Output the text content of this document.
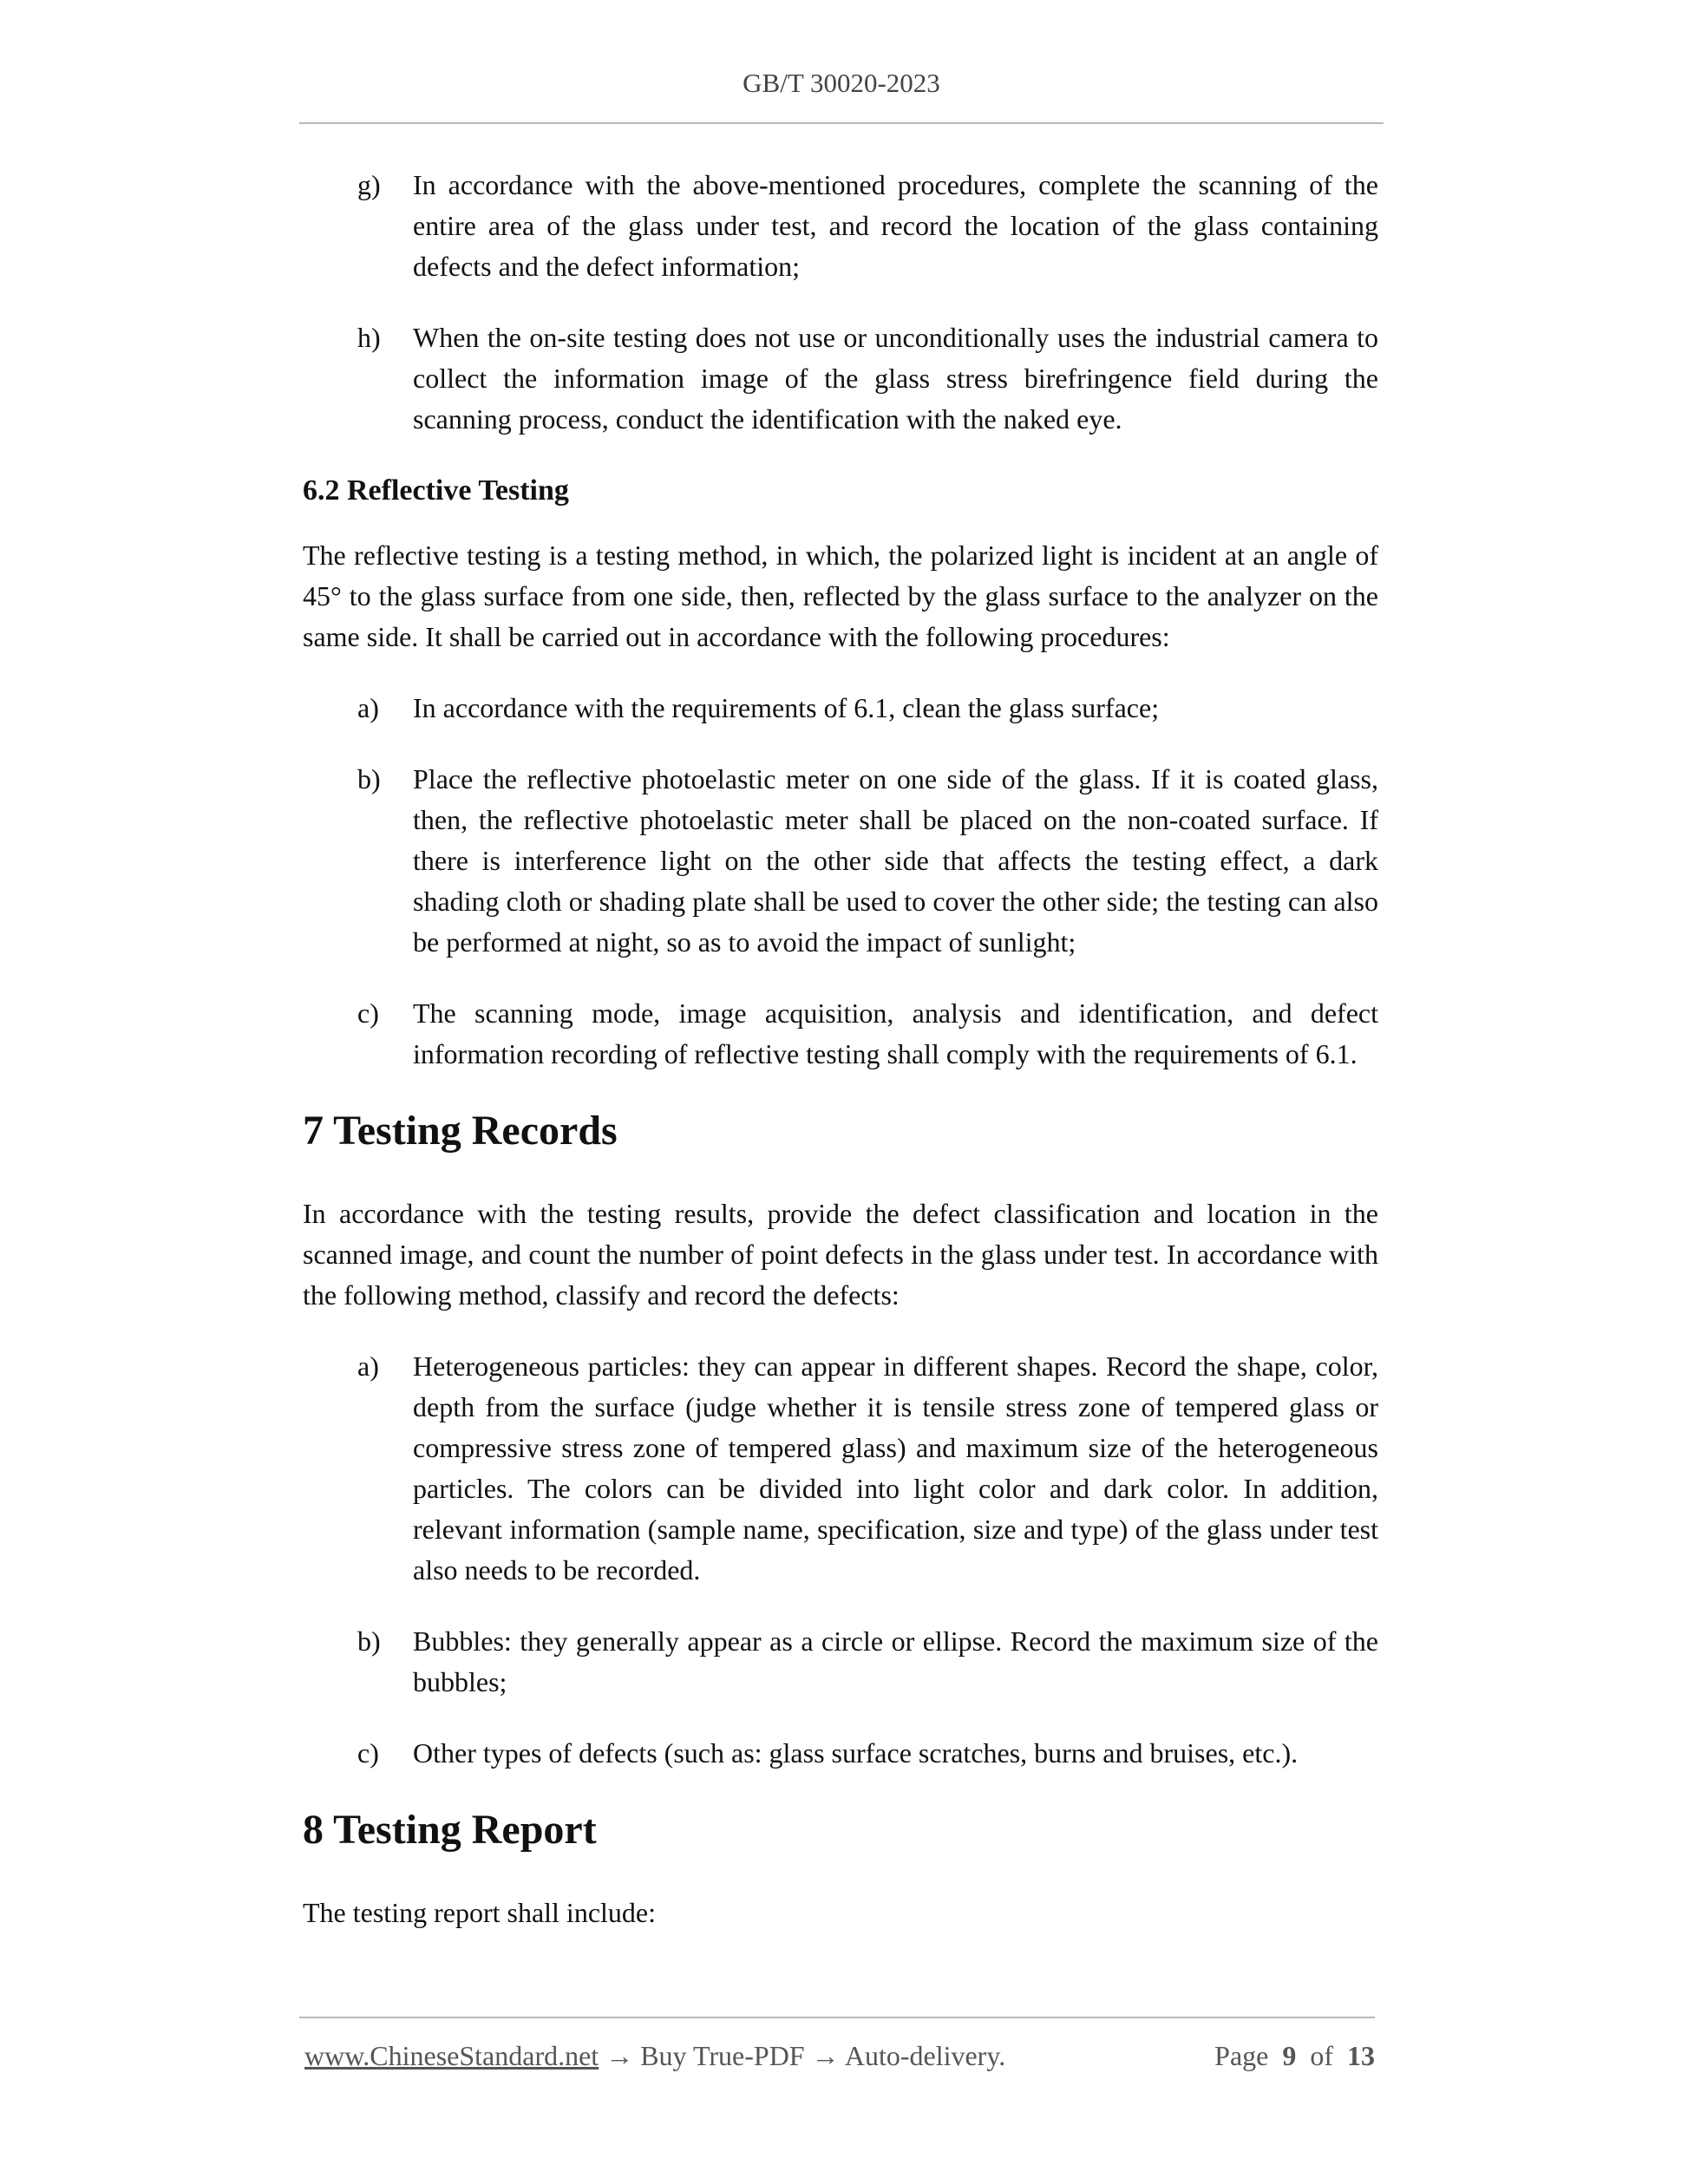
GB/T 30020-2023
g)	In accordance with the above-mentioned procedures, complete the scanning of the entire area of the glass under test, and record the location of the glass containing defects and the defect information;
h)	When the on-site testing does not use or unconditionally uses the industrial camera to collect the information image of the glass stress birefringence field during the scanning process, conduct the identification with the naked eye.
6.2 Reflective Testing
The reflective testing is a testing method, in which, the polarized light is incident at an angle of 45° to the glass surface from one side, then, reflected by the glass surface to the analyzer on the same side. It shall be carried out in accordance with the following procedures:
a)	In accordance with the requirements of 6.1, clean the glass surface;
b)	Place the reflective photoelastic meter on one side of the glass. If it is coated glass, then, the reflective photoelastic meter shall be placed on the non-coated surface. If there is interference light on the other side that affects the testing effect, a dark shading cloth or shading plate shall be used to cover the other side; the testing can also be performed at night, so as to avoid the impact of sunlight;
c)	The scanning mode, image acquisition, analysis and identification, and defect information recording of reflective testing shall comply with the requirements of 6.1.
7 Testing Records
In accordance with the testing results, provide the defect classification and location in the scanned image, and count the number of point defects in the glass under test. In accordance with the following method, classify and record the defects:
a)	Heterogeneous particles: they can appear in different shapes. Record the shape, color, depth from the surface (judge whether it is tensile stress zone of tempered glass or compressive stress zone of tempered glass) and maximum size of the heterogeneous particles. The colors can be divided into light color and dark color. In addition, relevant information (sample name, specification, size and type) of the glass under test also needs to be recorded.
b)	Bubbles: they generally appear as a circle or ellipse. Record the maximum size of the bubbles;
c)	Other types of defects (such as: glass surface scratches, burns and bruises, etc.).
8 Testing Report
The testing report shall include:
www.ChineseStandard.net → Buy True-PDF → Auto-delivery.	Page 9 of 13
